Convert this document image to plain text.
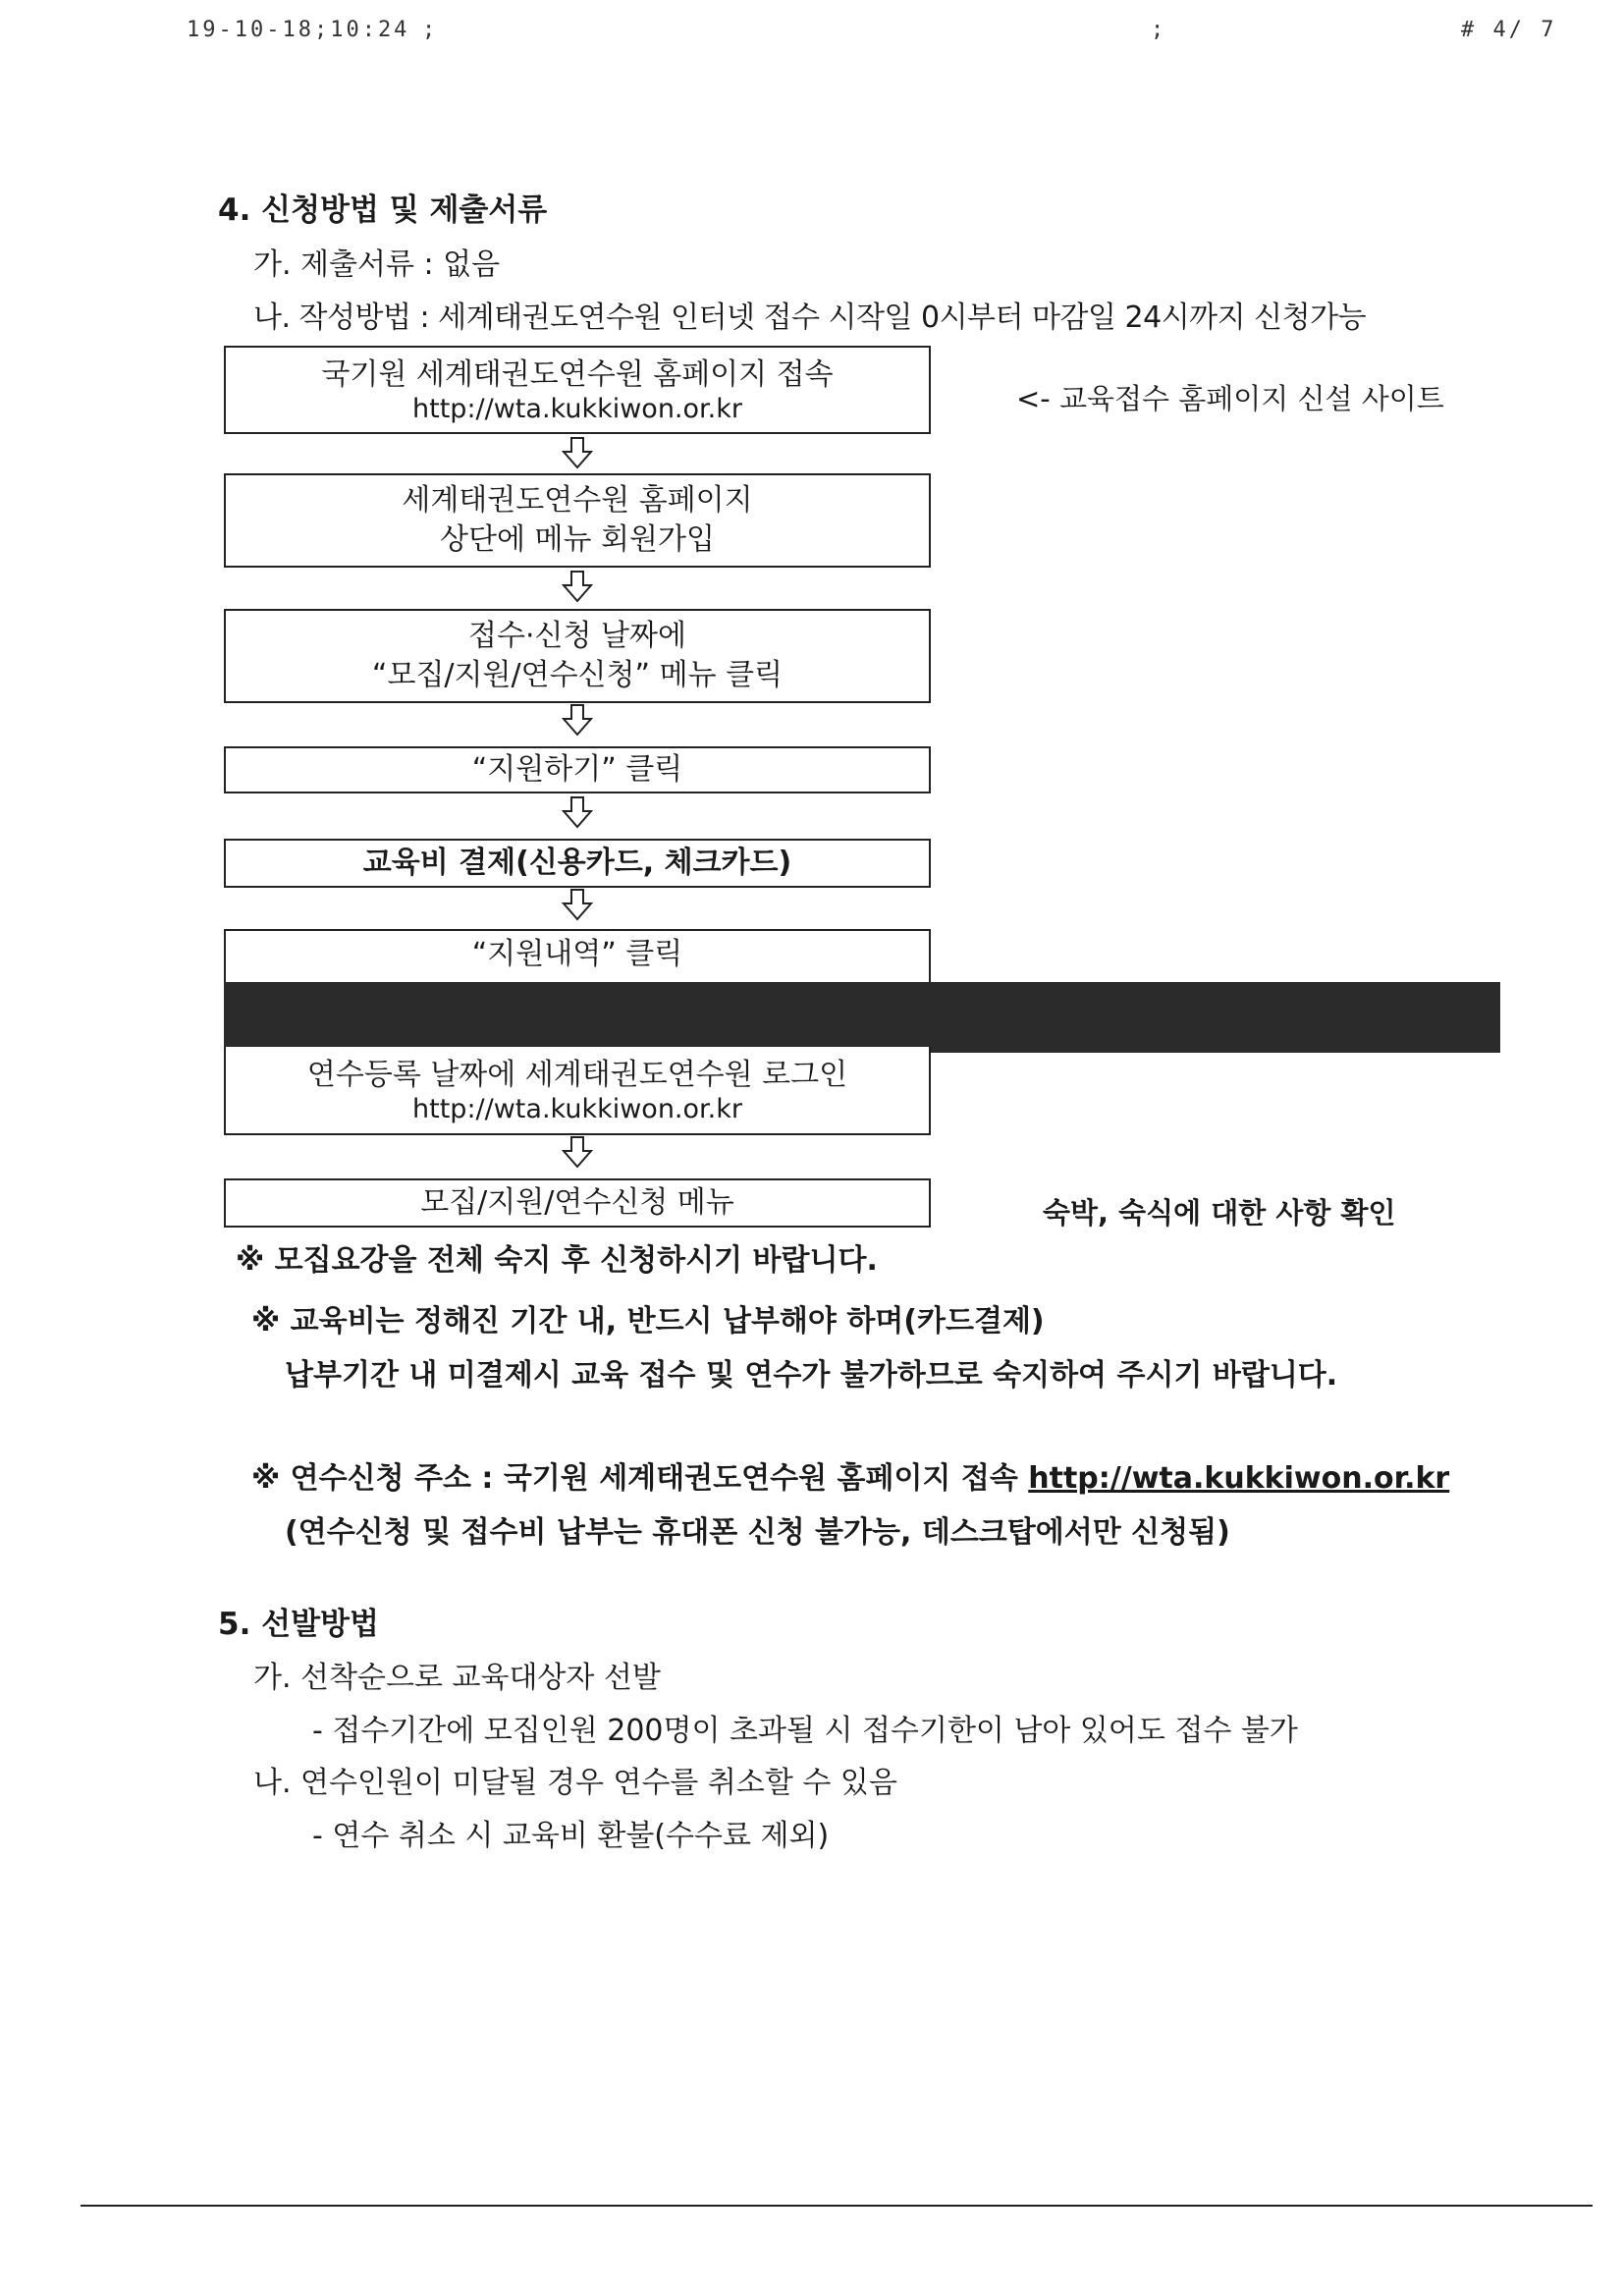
19-10-18;10:24 ;	;	# 4/ 7
4. 신청방법 및 제출서류
가. 제출서류 : 없음
나. 작성방법 : 세계태권도연수원 인터넷 접수 시작일 0시부터 마감일 24시까지 신청가능
국기원 세계태권도연수원 홈페이지 접속
http://wta.kukkiwon.or.kr	<- 교육접수 홈페이지 신설 사이트
세계태권도연수원 홈페이지
상단에 메뉴 회원가입
접수·신청 날짜에
“모집/지원/연수신청” 메뉴 클릭
“지원하기” 클릭
교육비 결제(신용카드, 체크카드)
“지원내역” 클릭
연수등록 날짜에 세계태권도연수원 로그인
http://wta.kukkiwon.or.kr
모집/지원/연수신청 메뉴	숙박, 숙식에 대한 사항 확인
※ 모집요강을 전체 숙지 후 신청하시기 바랍니다.
※ 교육비는 정해진 기간 내, 반드시 납부해야 하며(카드결제)
납부기간 내 미결제시 교육 접수 및 연수가 불가하므로 숙지하여 주시기 바랍니다.
※ 연수신청 주소 : 국기원 세계태권도연수원 홈페이지 접속 http://wta.kukkiwon.or.kr
(연수신청 및 접수비 납부는 휴대폰 신청 불가능, 데스크탑에서만 신청됨)
5. 선발방법
가. 선착순으로 교육대상자 선발
- 접수기간에 모집인원 200명이 초과될 시 접수기한이 남아 있어도 접수 불가
나. 연수인원이 미달될 경우 연수를 취소할 수 있음
- 연수 취소 시 교육비 환불(수수료 제외)
